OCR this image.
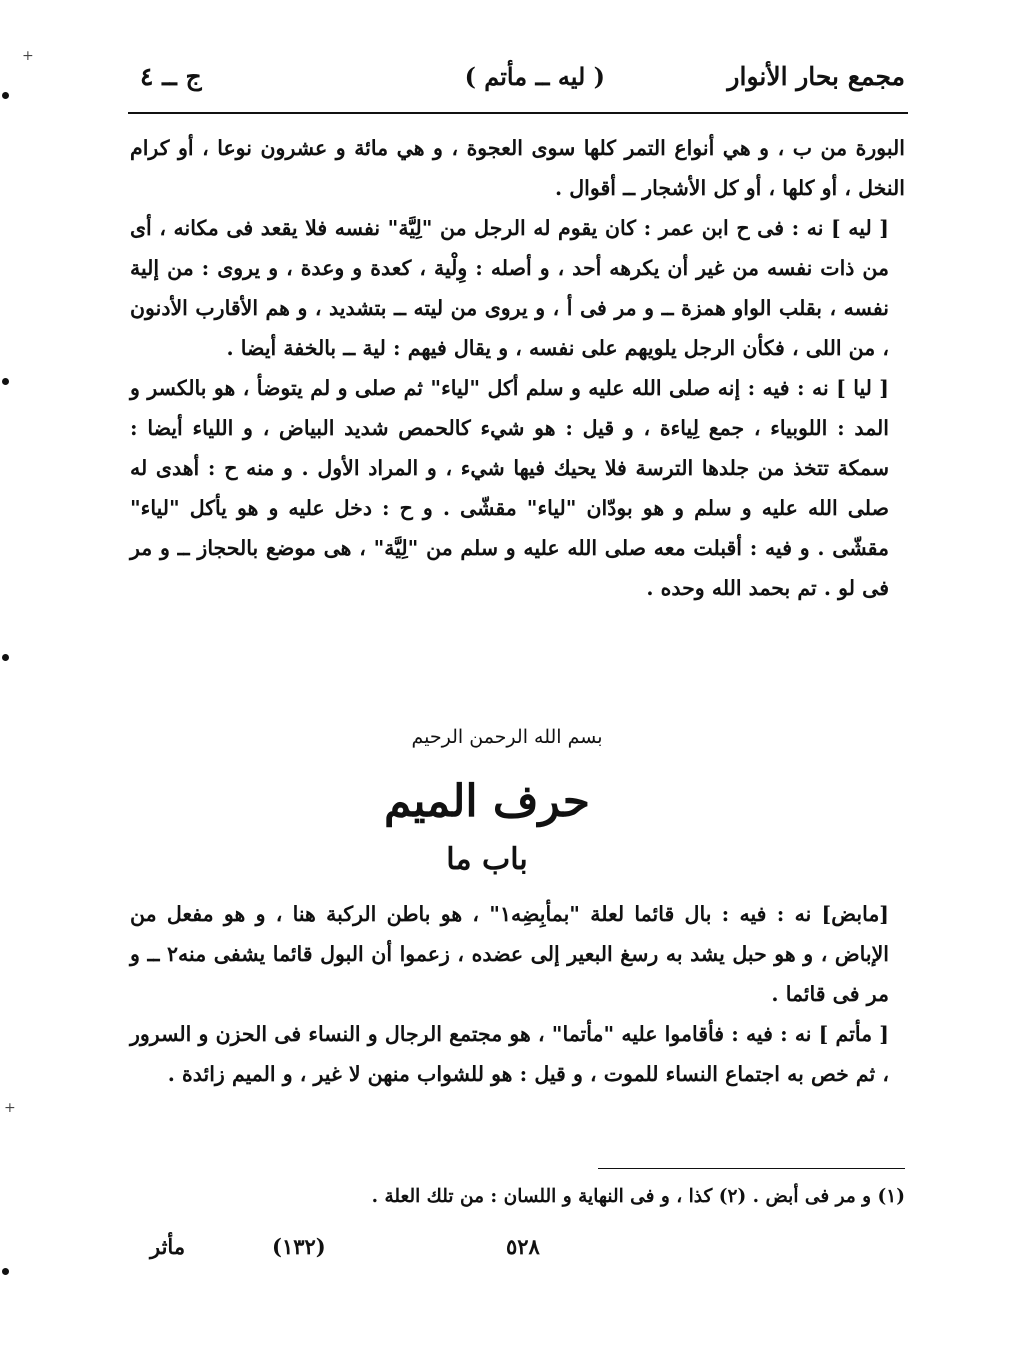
مجمع بحار الأنوار
( ليه ــ مأتم )
ج ــ ٤

البورة من ب ، و هي أنواع التمر كلها سوى العجوة ، و هي مائة و عشرون نوعا ، أو كرام النخل ، أو كلها ، أو كل الأشجار ــ أقوال .

[ ليه ] نه : فى ح ابن عمر : كان يقوم له الرجل من "لِيَّة" نفسه فلا يقعد فى مكانه ، أى من ذات نفسه من غير أن يكرهه أحد ، و أصله : وِلْية ، كعدة و وعدة ، و يروى : من إلية نفسه ، بقلب الواو همزة ــ و مر فى أ ، و يروى من ليته ــ بتشديد ، و هم الأقارب الأدنون ، من اللى ، فكأن الرجل يلويهم على نفسه ، و يقال فيهم : لية ــ بالخفة أيضا .

[ ليا ] نه : فيه : إنه صلى الله عليه و سلم أكل "لياء" ثم صلى و لم يتوضأ ، هو بالكسر و المد : اللوبياء ، جمع لِياءة ، و قيل : هو شيء كالحمص شديد البياض ، و اللياء أيضا : سمكة تتخذ من جلدها الترسة فلا يحيك فيها شيء ، و المراد الأول . و منه ح : أهدى له صلى الله عليه و سلم و هو بودّان "لياء" مقشّى . و ح : دخل عليه و هو يأكل "لياء" مقشّى . و فيه : أقبلت معه صلى الله عليه و سلم من "لِيَّة" ، هى موضع بالحجاز ــ و مر فى لو . تم بحمد الله وحده .

بسم الله الرحمن الرحيم
حرف الميم
باب ما

[مابض] نه : فيه : بال قائما لعلة "بمأبِضِه١" ، هو باطن الركبة هنا ، و هو مفعل من الإباض ، و هو حبل يشد به رسغ البعير إلى عضده ، زعموا أن البول قائما يشفى منه٢ ــ و مر فى قائما .

[ مأتم ] نه : فيه : فأقاموا عليه "مأتما" ، هو مجتمع الرجال و النساء فى الحزن و السرور ، ثم خص به اجتماع النساء للموت ، و قيل : هو للشواب منهن لا غير ، و الميم زائدة .

(١) و مر فى أبض . (٢) كذا ، و فى النهاية و اللسان : من تلك العلة .
٥٢٨
(١٣٢)
مأثر
+
+
